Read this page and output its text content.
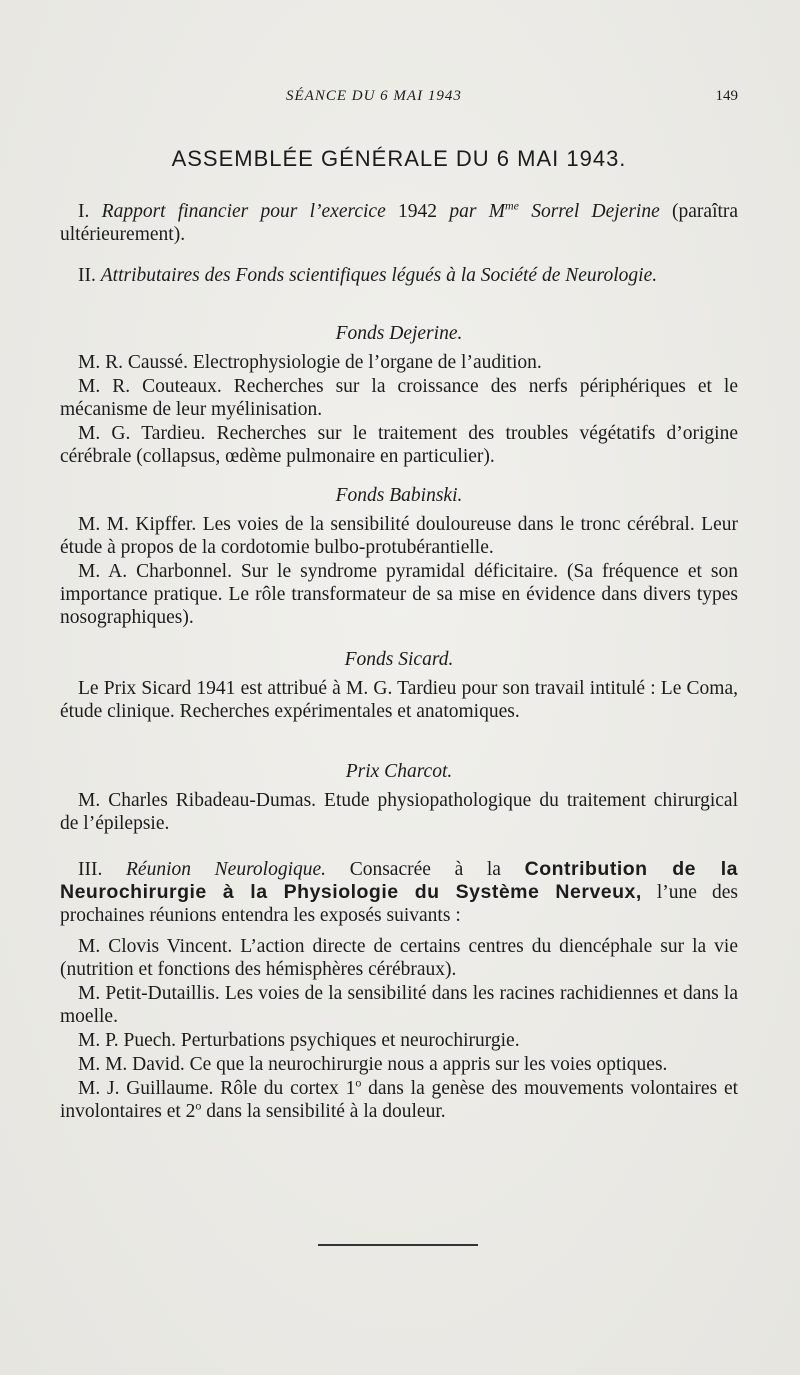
SÉANCE DU 6 MAI 1943	149
ASSEMBLÉE GÉNÉRALE DU 6 MAI 1943.

I. Rapport financier pour l’exercice 1942 par $M^{me}$ Sorrel Dejerine (paraîtra ultérieurement).

II. Attributaires des Fonds scientifiques légués à la Société de Neurologie.

Fonds Dejerine.

M. R. Caussé. Electrophysiologie de l’organe de l’audition.

M. R. Couteaux. Recherches sur la croissance des nerfs périphériques et le mécanisme de leur myélinisation.

M. G. Tardieu. Recherches sur le traitement des troubles végétatifs d’origine cérébrale (collapsus, œdème pulmonaire en particulier).

Fonds Babinski.

M. M. Kipffer. Les voies de la sensibilité douloureuse dans le tronc cérébral. Leur étude à propos de la cordotomie bulbo-protubérantielle.

M. A. Charbonnel. Sur le syndrome pyramidal déficitaire. (Sa fréquence et son importance pratique. Le rôle transformateur de sa mise en évidence dans divers types nosographiques).

Fonds Sicard.

Le Prix Sicard 1941 est attribué à M. G. Tardieu pour son travail intitulé : Le Coma, étude clinique. Recherches expérimentales et anatomiques.

Prix Charcot.

M. Charles Ribadeau-Dumas. Etude physiopathologique du traitement chirurgical de l’épilepsie.

III. Réunion Neurologique. Consacrée à la Contribution de la Neurochirurgie à la Physiologie du Système Nerveux, l’une des prochaines réunions entendra les exposés suivants :

M. Clovis Vincent. L’action directe de certains centres du diencéphale sur la vie (nutrition et fonctions des hémisphères cérébraux).

M. Petit-Dutaillis. Les voies de la sensibilité dans les racines rachidiennes et dans la moelle.

M. P. Puech. Perturbations psychiques et neurochirurgie.

M. M. David. Ce que la neurochirurgie nous a appris sur les voies optiques.

M. J. Guillaume. Rôle du cortex 1$^o$ dans la genèse des mouvements volontaires et involontaires et 2$^o$ dans la sensibilité à la douleur.
